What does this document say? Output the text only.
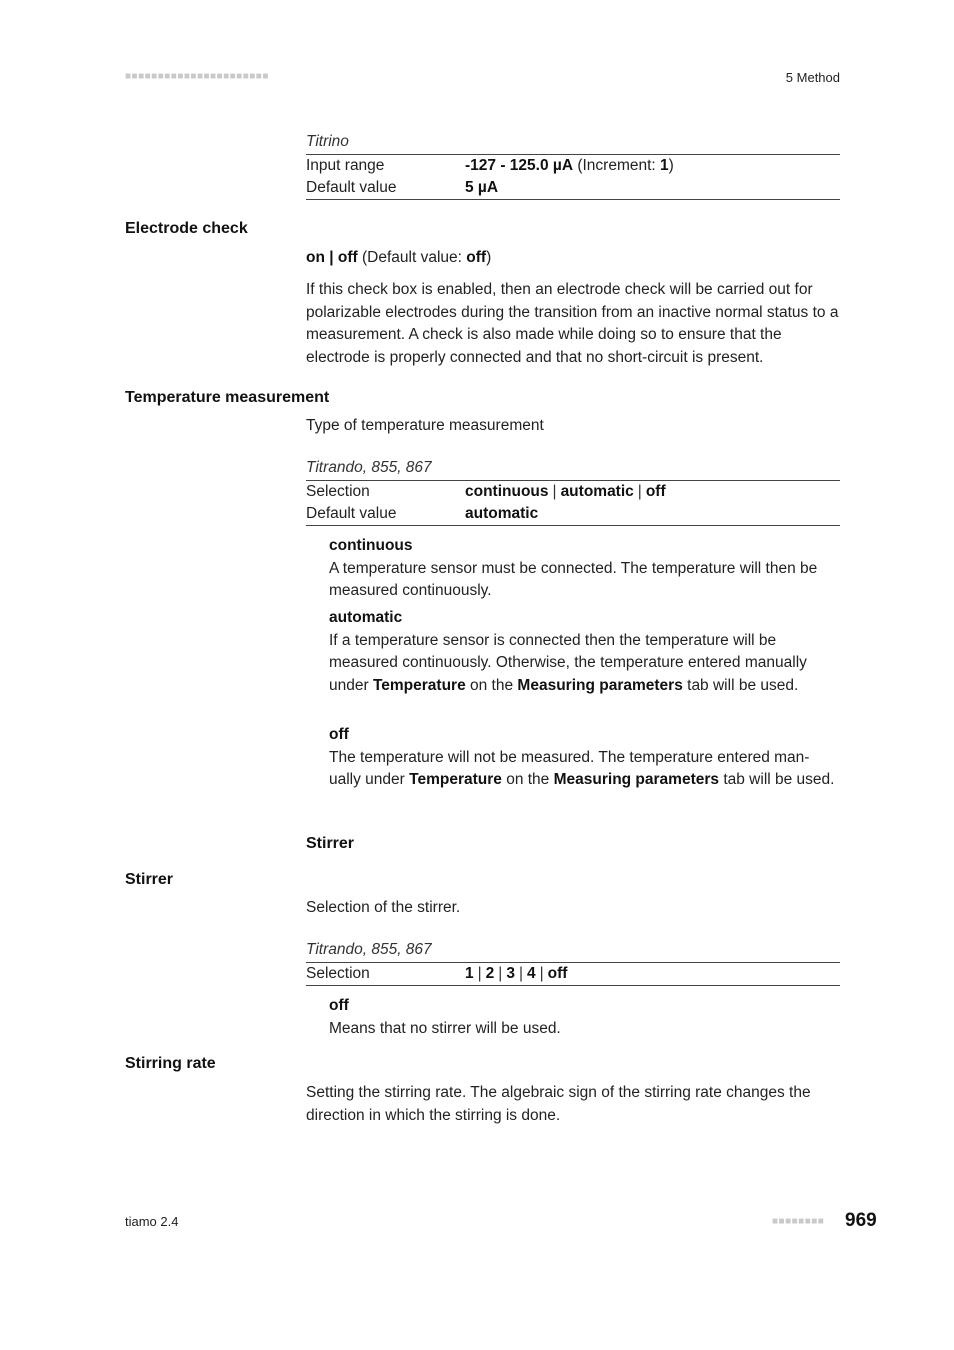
■■■■■■■■■■■■■■■■■■■■■■	5 Method
Titrino
Input range	-127 - 125.0 µA (Increment: 1)
Default value	5 µA
Electrode check
on | off (Default value: off)
If this check box is enabled, then an electrode check will be carried out for polarizable electrodes during the transition from an inactive normal status to a measurement. A check is also made while doing so to ensure that the electrode is properly connected and that no short-circuit is present.
Temperature measurement
Type of temperature measurement
Titrando, 855, 867
Selection	continuous | automatic | off
Default value	automatic
continuous
A temperature sensor must be connected. The temperature will then be measured continuously.
automatic
If a temperature sensor is connected then the temperature will be measured continuously. Otherwise, the temperature entered manually under Temperature on the Measuring parameters tab will be used.
off
The temperature will not be measured. The temperature entered man-ually under Temperature on the Measuring parameters tab will be used.
Stirrer
Stirrer
Selection of the stirrer.
Titrando, 855, 867
Selection	1 | 2 | 3 | 4 | off
off
Means that no stirrer will be used.
Stirring rate
Setting the stirring rate. The algebraic sign of the stirring rate changes the direction in which the stirring is done.
tiamo 2.4	■■■■■■■■ 969
